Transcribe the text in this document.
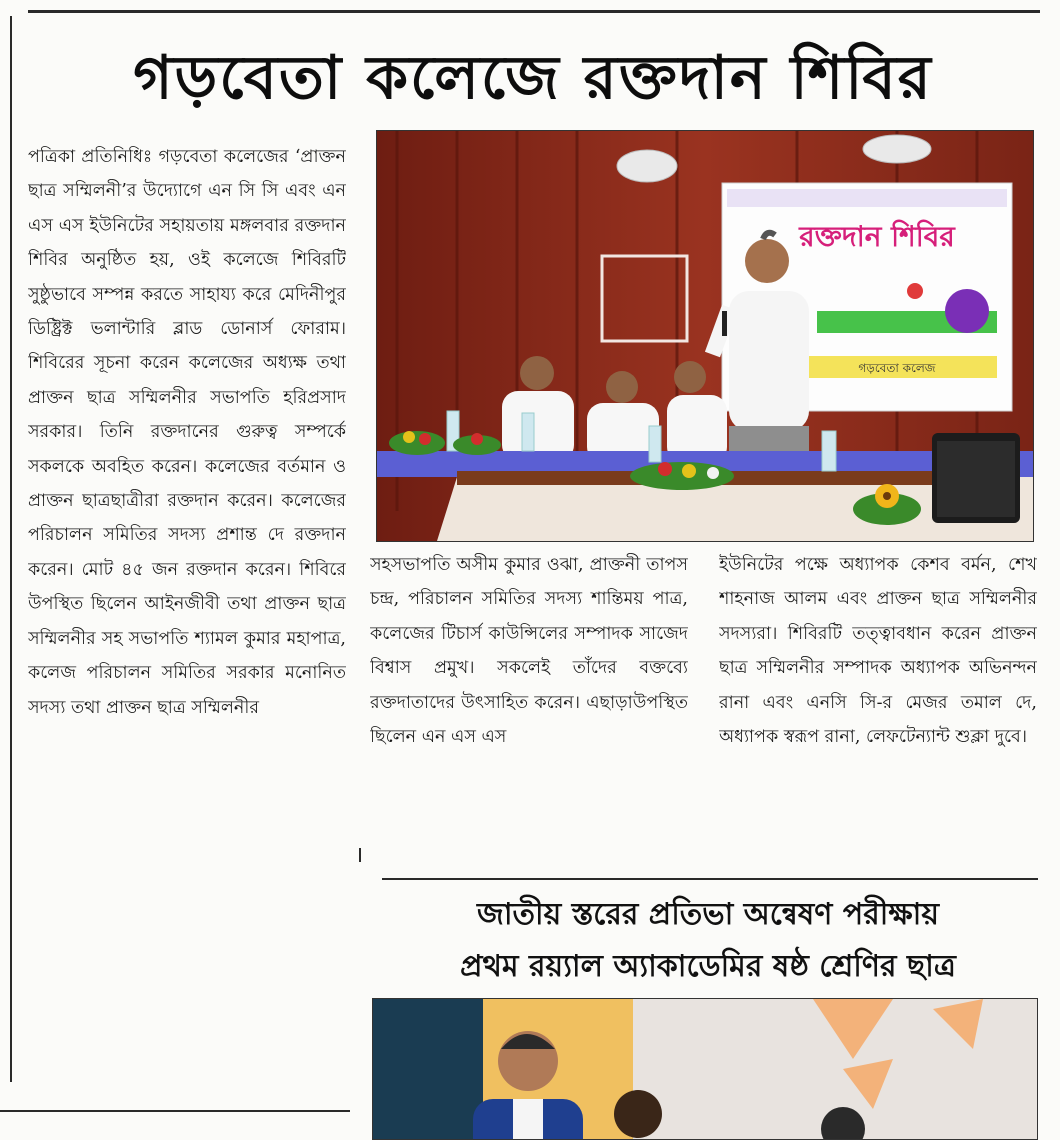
গড়বেতা কলেজে রক্তদান শিবির
রক্তদান শিবির
গড়বেতা কলেজ

পত্রিকা প্রতিনিধিঃ গড়বেতা কলেজের ‘প্রাক্তন ছাত্র সম্মিলনী’র উদ্যোগে এন সি সি এবং এন এস এস ইউনিটের সহায়তায় মঙ্গলবার রক্তদান শিবির অনুষ্ঠিত হয়, ওই কলেজে শিবিরটি সুষ্ঠুভাবে সম্পন্ন করতে সাহায্য করে মেদিনীপুর ডিষ্ট্রিক্ট ভলান্টারি ব্লাড ডোনার্স ফোরাম। শিবিরের সূচনা করেন কলেজের অধ্যক্ষ তথা প্রাক্তন ছাত্র সম্মিলনীর সভাপতি হরিপ্রসাদ সরকার। তিনি রক্তদানের গুরুত্ব সম্পর্কে সকলকে অবহিত করেন। কলেজের বর্তমান ও প্রাক্তন ছাত্রছাত্রীরা রক্তদান করেন। কলেজের পরিচালন সমিতির সদস্য প্রশান্ত দে রক্তদান করেন। মোট ৪৫ জন রক্তদান করেন। শিবিরে উপস্থিত ছিলেন আইনজীবী তথা প্রাক্তন ছাত্র সম্মিলনীর সহ সভাপতি শ্যামল কুমার মহাপাত্র, কলেজ পরিচালন সমিতির সরকার মনোনিত সদস্য তথা প্রাক্তন ছাত্র সম্মিলনীর

সহসভাপতি অসীম কুমার ওঝা, প্রাক্তনী তাপস চন্দ্র, পরিচালন সমিতির সদস্য শান্তিময় পাত্র, কলেজের টিচার্স কাউন্সিলের সম্পাদক সাজেদ বিশ্বাস প্রমুখ। সকলেই তাঁদের বক্তব্যে রক্তদাতাদের উৎসাহিত করেন। এছাড়াউপস্থিত ছিলেন এন এস এস

ইউনিটের পক্ষে অধ্যাপক কেশব বর্মন, শেখ শাহনাজ আলম এবং প্রাক্তন ছাত্র সম্মিলনীর সদস্যরা। শিবিরটি তত্ত্বাবধান করেন প্রাক্তন ছাত্র সম্মিলনীর সম্পাদক অধ্যাপক অভিনন্দন রানা এবং এনসি সি-র মেজর তমাল দে, অধ্যাপক স্বরূপ রানা, লেফটেন্যান্ট শুক্লা দুবে।

জাতীয় স্তরের প্রতিভা অন্বেষণ পরীক্ষায়
প্রথম রয়্যাল অ্যাকাডেমির ষষ্ঠ শ্রেণির ছাত্র
